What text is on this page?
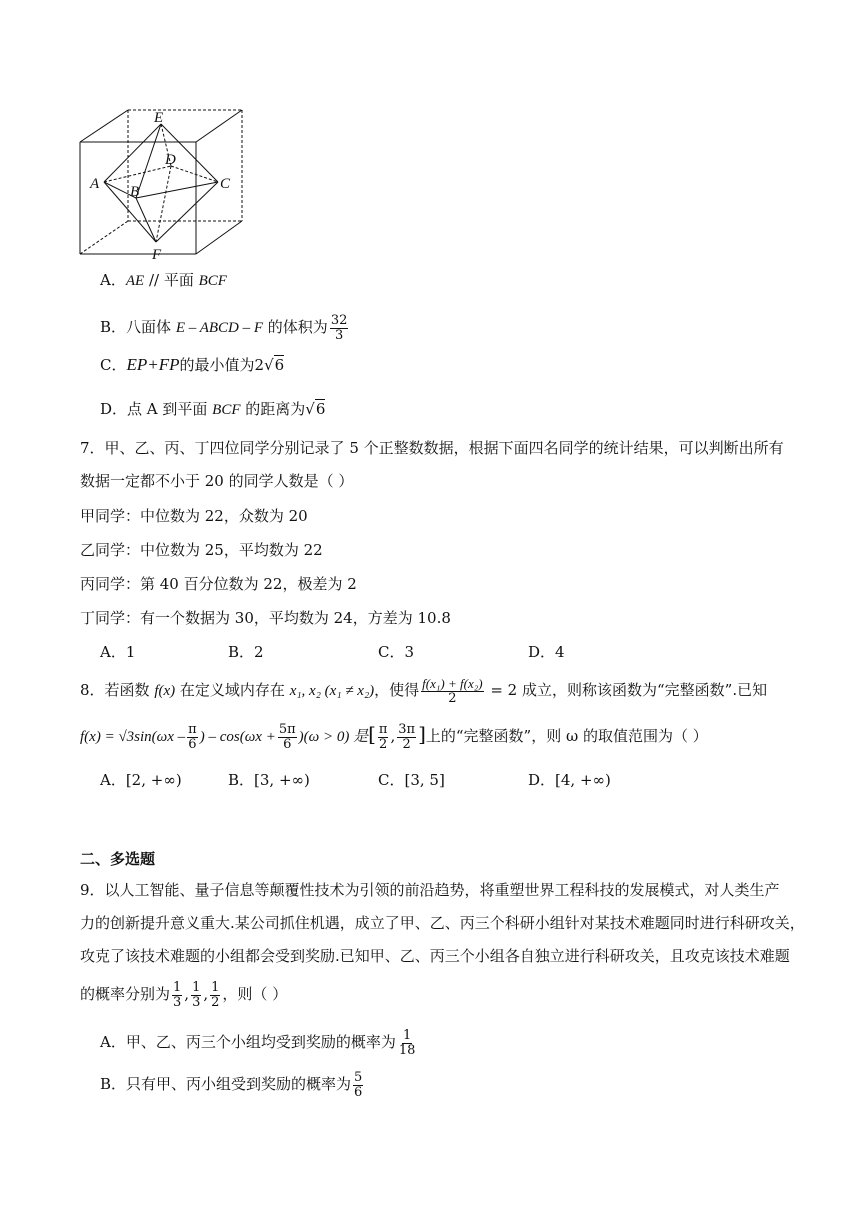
E
D
A B	C
F
A．AE // 平面 BCF
B．八面体 E – ABCD – F 的体积为 $\frac{32}{3}$
C．EP+FP的最小值为2√6
D．点 A 到平面 BCF 的距离为√6
7．甲、乙、丙、丁四位同学分别记录了 5 个正整数数据，根据下面四名同学的统计结果，可以判断出所有
数据一定都不小于 20 的同学人数是（ ）
甲同学：中位数为 22，众数为 20
乙同学：中位数为 25，平均数为 22
丙同学：第 40 百分位数为 22，极差为 2
丁同学：有一个数据为 30，平均数为 24，方差为 10.8
A．1	B．2	C．3	D．4
8．若函数 f(x) 在定义域内存在 x₁, x₂ (x₁ ≠ x₂)，使得 $\frac{\text{f(x₁) + f(x₂)}}{2} = 2$ 成立，则称该函数为“完整函数”.已知
$f(x) = √3\sin(\omega x - \frac{\pi}{6}$ ) – $\cos(\omega x + \frac{5\pi}{6} )(\omega > 0)$ 是[ $\frac{\pi}{2}$ , $\frac{3\pi}{2}$ ]上的“完整函数”，则 ω 的取值范围为（ ）
A．[2, +∞)	B．[3, +∞)	C．[3, 5]	D．[4, +∞)
二、多选题
9．以人工智能、量子信息等颠覆性技术为引领的前沿趋势，将重塑世界工程科技的发展模式，对人类生产
力的创新提升意义重大.某公司抓住机遇，成立了甲、乙、丙三个科研小组针对某技术难题同时进行科研攻关，
攻克了该技术难题的小组都会受到奖励.已知甲、乙、丙三个小组各自独立进行科研攻关，且攻克该技术难题
的概率分别为 $\frac{1}{3}$ , $\frac{1}{3}$ , $\frac{1}{2}$ ，则（ ）
A．甲、乙、丙三个小组均受到奖励的概率为 $\frac{1}{18}$
B．只有甲、丙小组受到奖励的概率为 $\frac{5}{6}$
